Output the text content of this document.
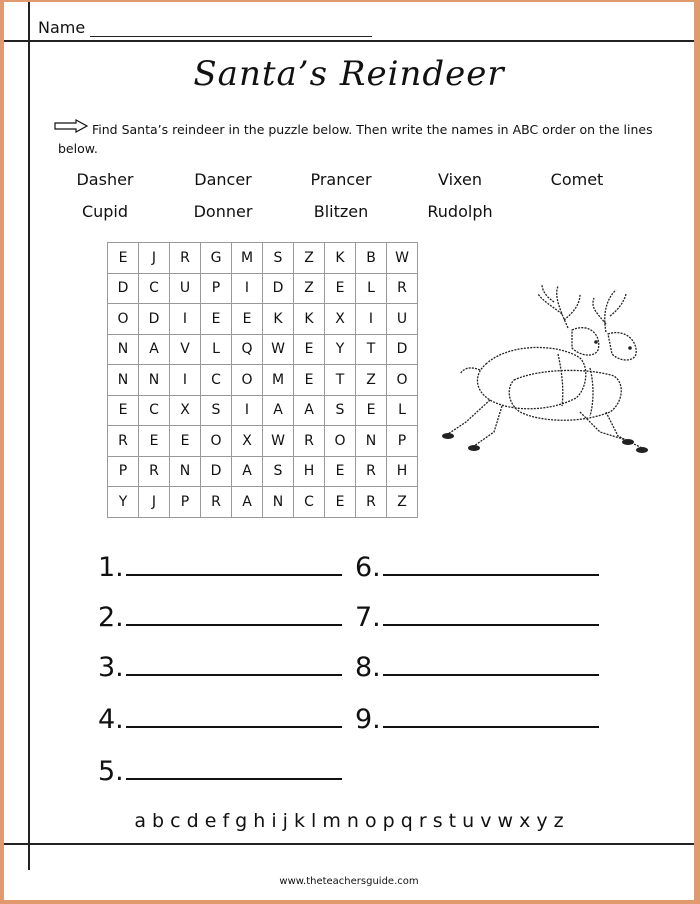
Name
Santa’s Reindeer
Find Santa’s reindeer in the puzzle below. Then write the names in ABC order on the lines below.
Dasher	Dancer	Prancer	Vixen	Comet
Cupid	Donner	Blitzen	Rudolph
E	J	R	G	M	S	Z	K	B	W
D	C	U	P	I	D	Z	E	L	R
O	D	I	E	E	K	K	X	I	U
N	A	V	L	Q	W	E	Y	T	D
N	N	I	C	O	M	E	T	Z	O
E	C	X	S	I	A	A	S	E	L
R	E	E	O	X	W	R	O	N	P
P	R	N	D	A	S	H	E	R	H
Y	J	P	R	A	N	C	E	R	Z
1.
2.
3.
4.
5.
6.
7.
8.
9.
a b c d e f g h i j k l m n o p q r s t u v w x y z
www.theteachersguide.com
